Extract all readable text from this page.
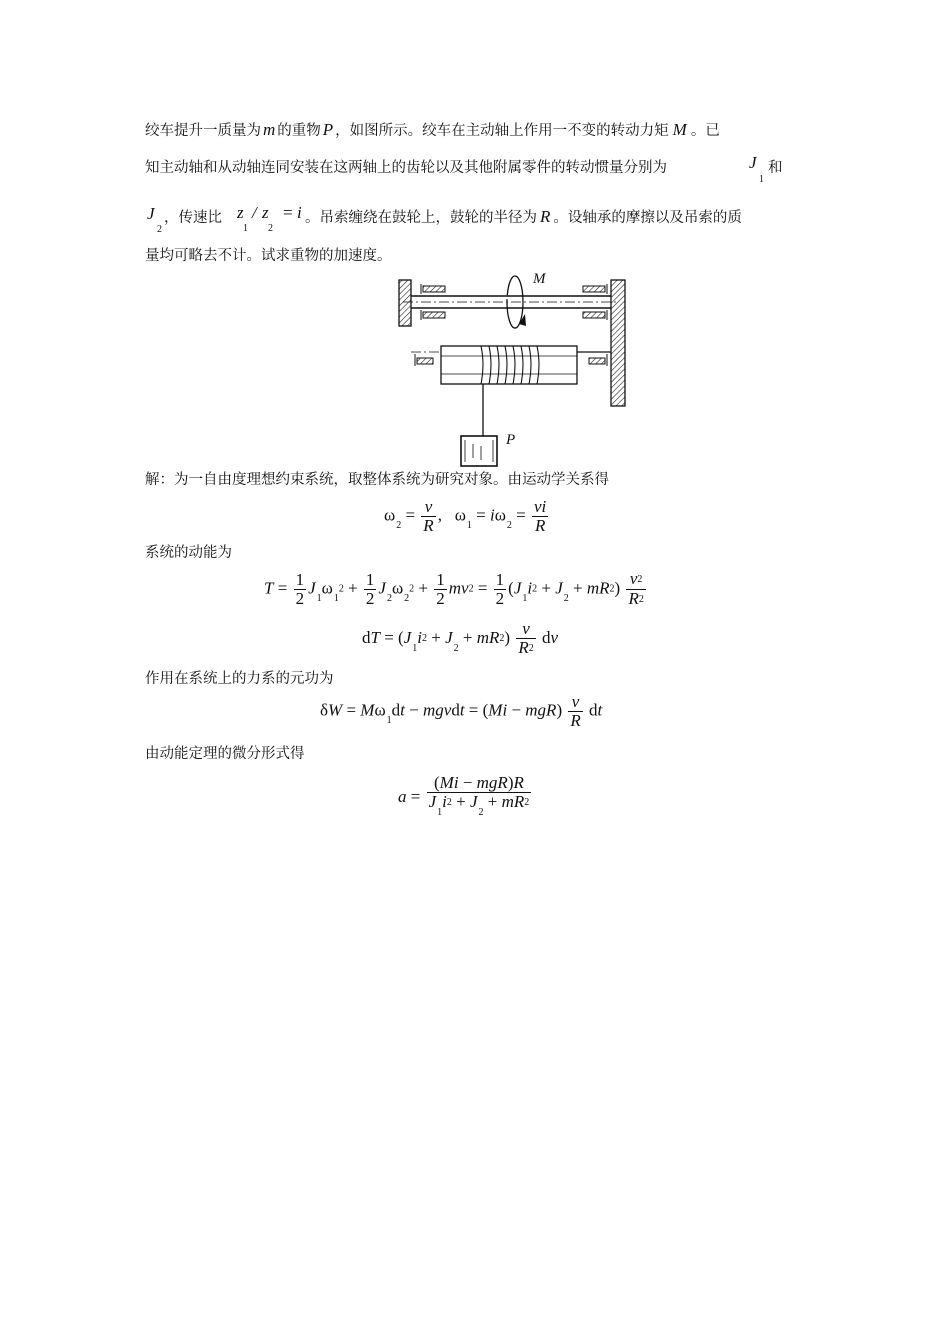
绞车提升一质量为 m 的重物 P ，如图所示。绞车在主动轴上作用一不变的转动力矩 M 。已
知主动轴和从动轴连同安装在这两轴上的齿轮以及其他附属零件的转动惯量分别为	J
1
和
J
2
，传速比 z
1
/ z
2
= i 。吊索缠绕在鼓轮上，鼓轮的半径为 R 。设轴承的摩擦以及吊索的质
量均可略去不计。试求重物的加速度。
M
P
解：为一自由度理想约束系统，取整体系统为研究对象。由运动学关系得
$\omega_2 = \frac{v}{R}$ ,   $\omega_1 = i\omega_2 = \frac{vi}{R}$
系统的动能为
$T = \frac{1}{2} J_1\omega_1^2 + \frac{1}{2} J_2\omega_2^2 + \frac{1}{2} mv^2 = \frac{1}{2} (J_1i^2 + J_2 + mR^2) \frac{v^2}{R^2}$
dT = $(J_1i^2 + J_2 + mR^2) \frac{v}{R^2}$ dv
作用在系统上的力系的元功为
$\delta W = M\omega_1dt$ − mgvdt = $(Mi - mgR) \frac{v}{R}$ dt
由动能定理的微分形式得
$a = \frac{\text{(Mi − mgR)R}}{J_1i^2 + J_2 + mR^2}$
